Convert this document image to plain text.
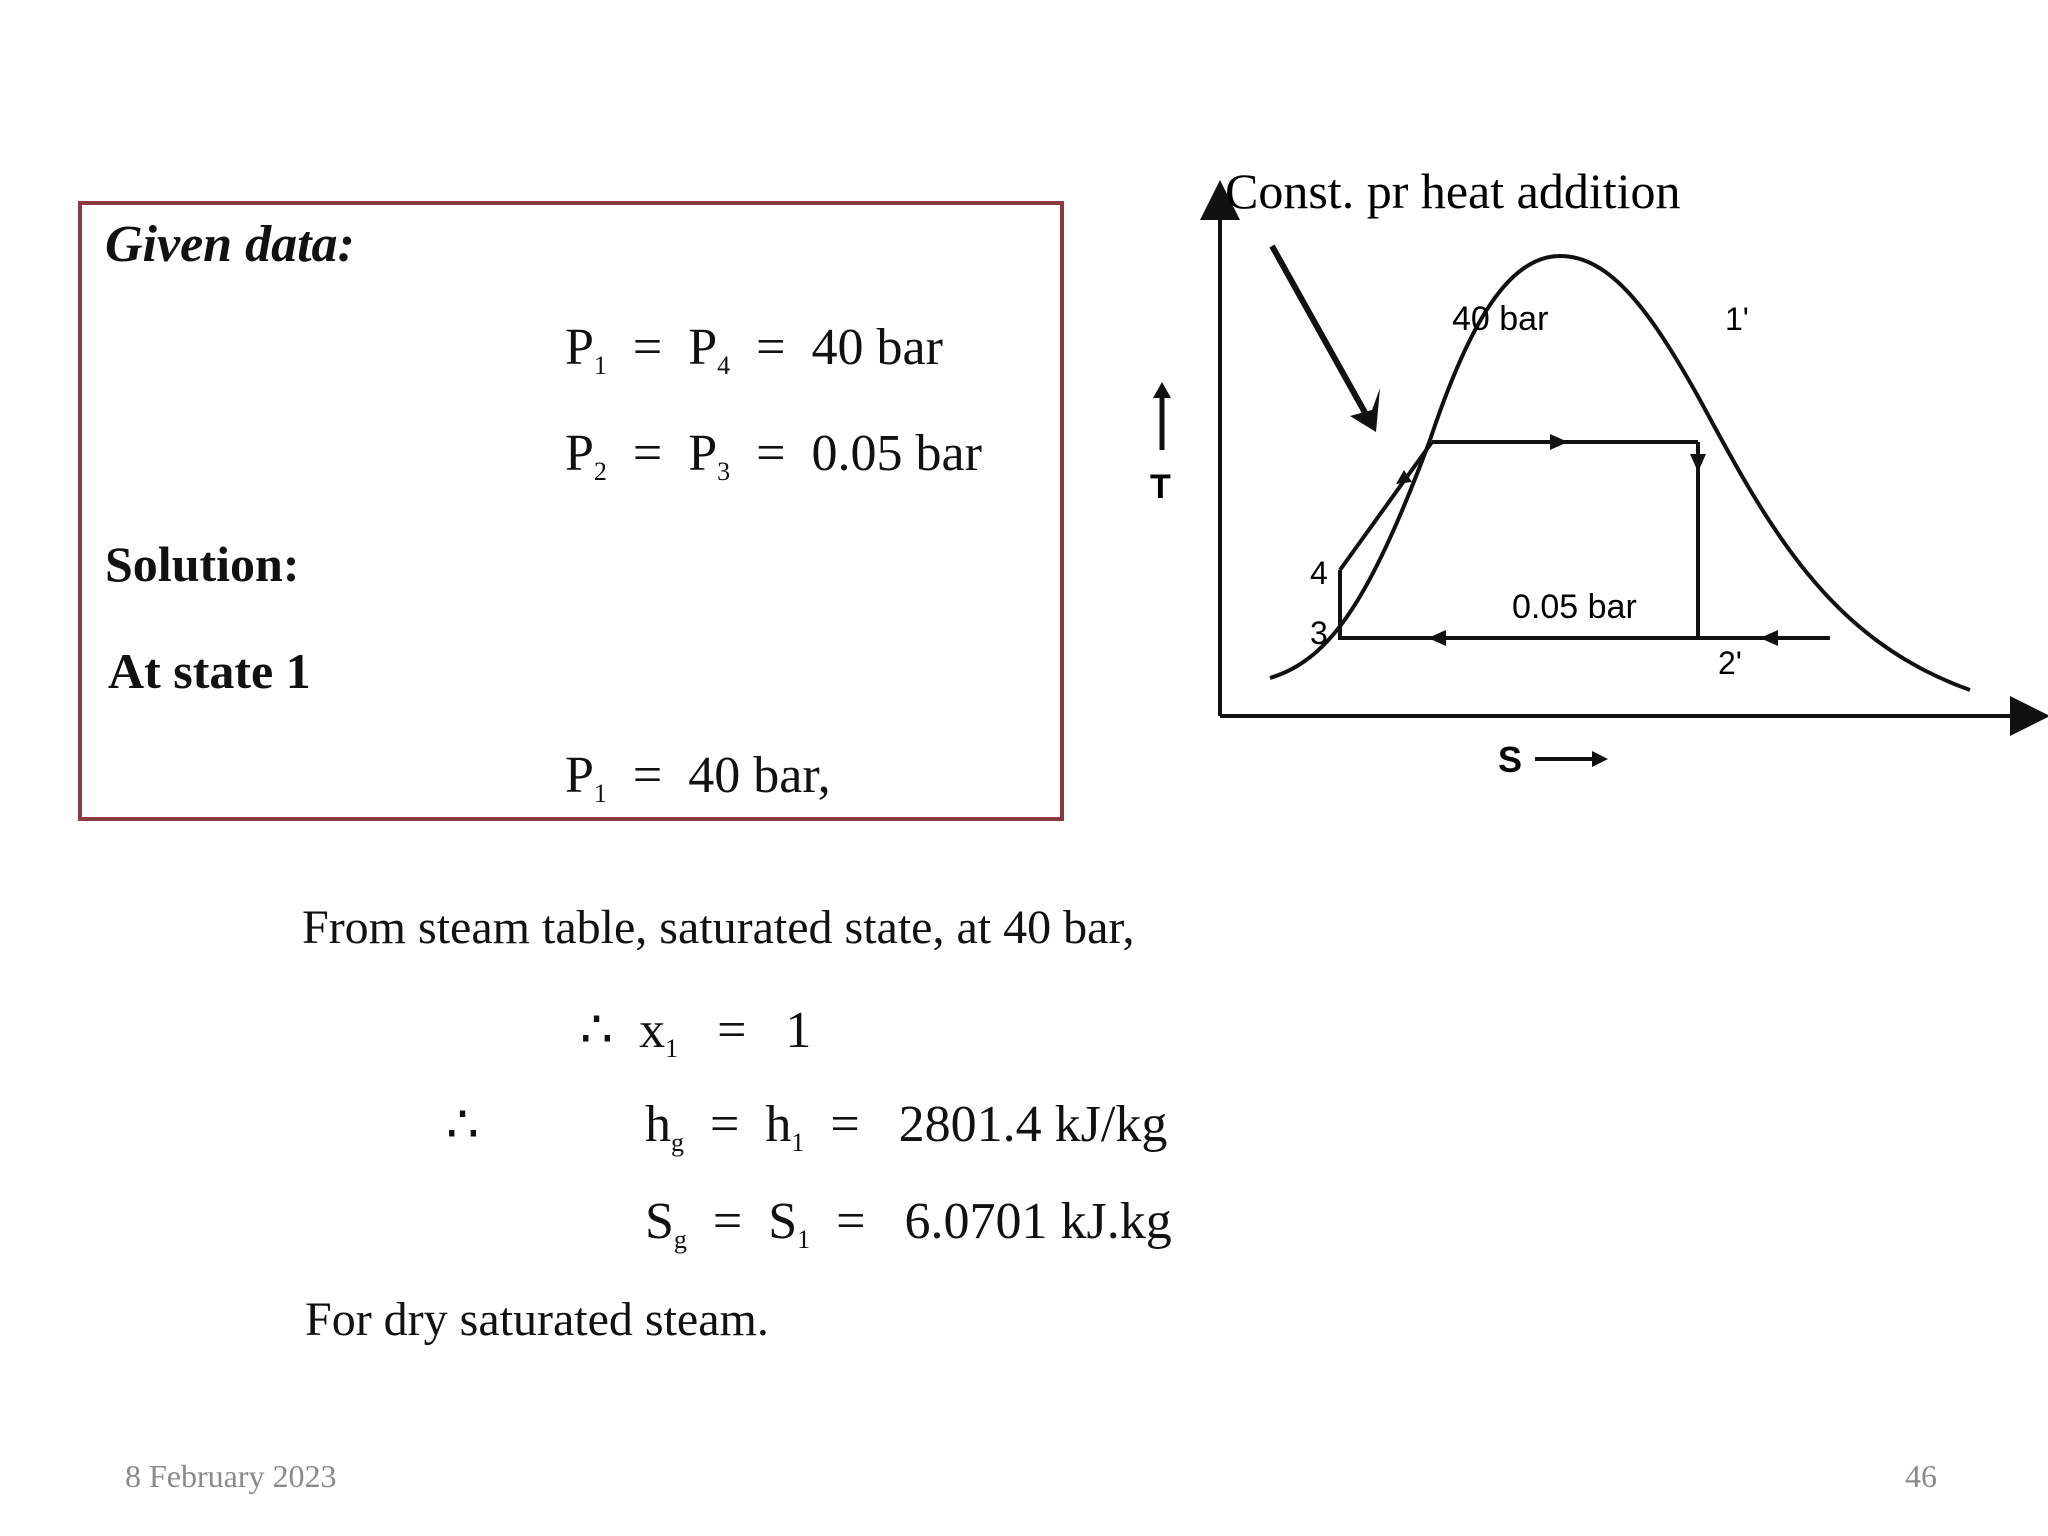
Given data:
$P_1 = P_4 = 40$ bar
$P_2 = P_3 = 0.05$ bar
Solution:
At state 1
$P_1 = 40$ bar,
Const. pr heat addition
T
S
40 bar
0.05 bar
1'
2'
3
4
From steam table, saturated state, at 40 bar,
∴ $x_1 = 1$
∴	$h_g = h_1 = 2801.4$ kJ/kg
$S_g = S_1 = 6.0701$ kJ.kg
For dry saturated steam.
8 February 2023	46
